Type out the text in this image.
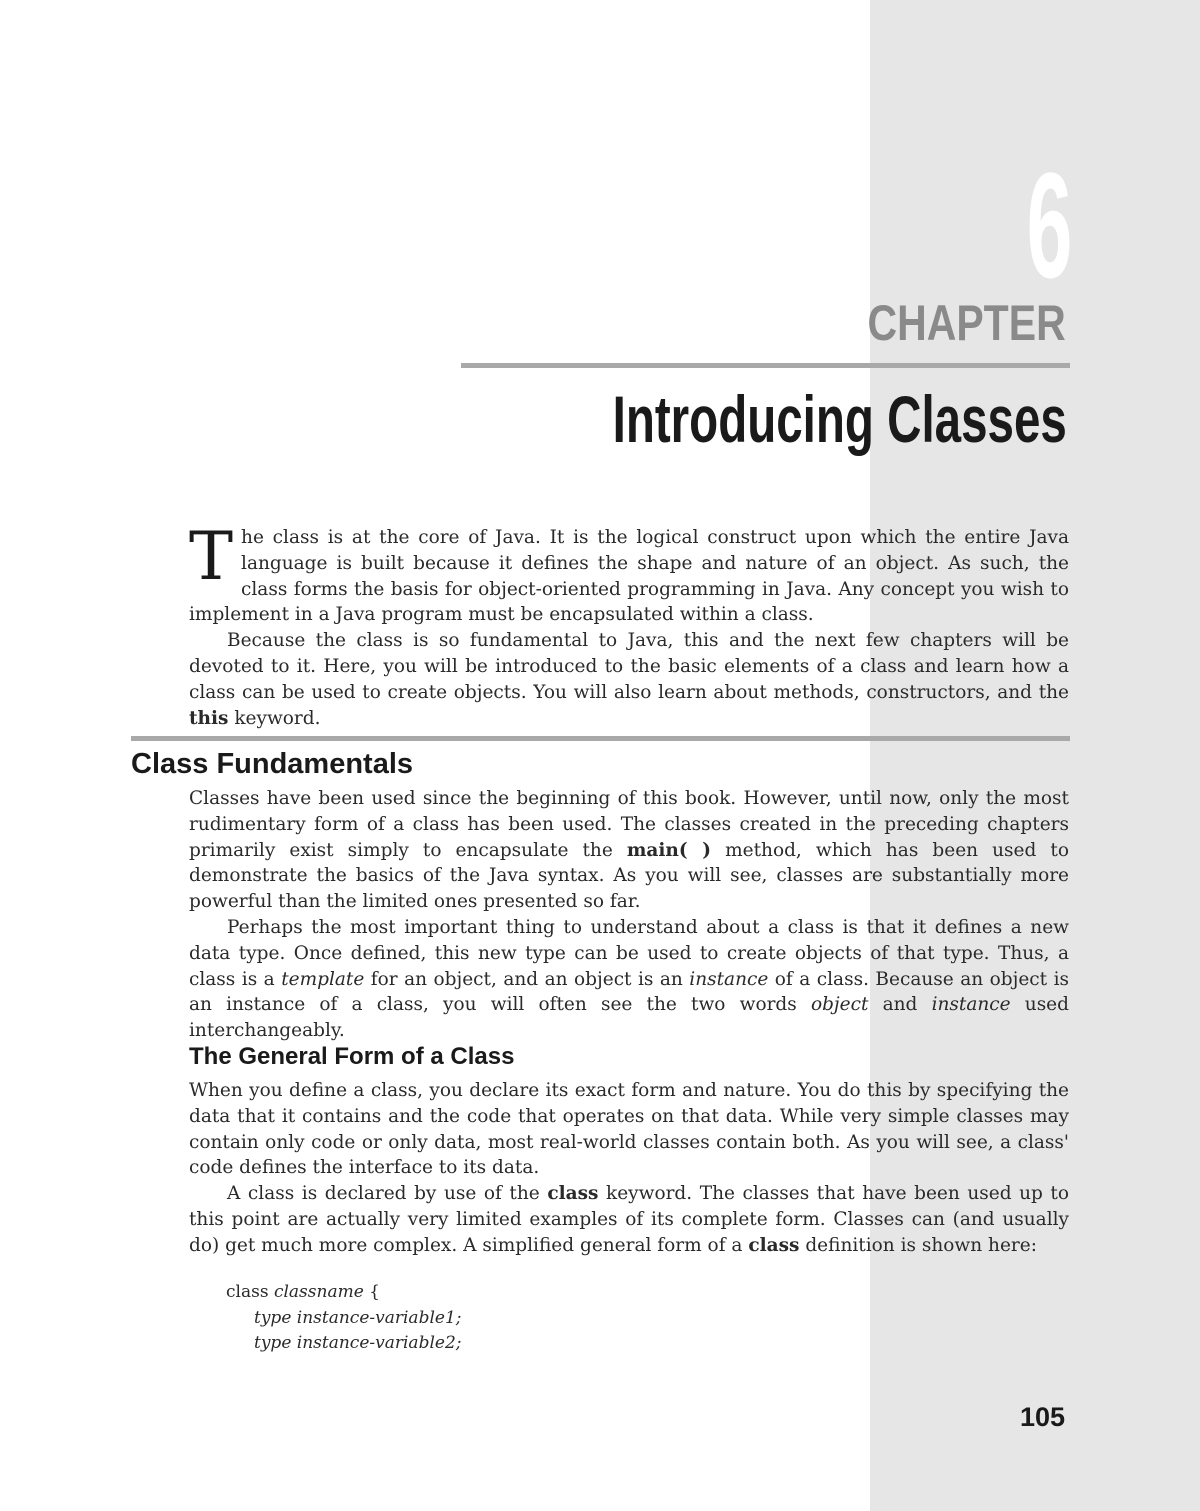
6
CHAPTER
Introducing Classes

The class is at the core of Java. It is the logical construct upon which the entire Java language is built because it defines the shape and nature of an object. As such, the class forms the basis for object-oriented programming in Java. Any concept you wish to implement in a Java program must be encapsulated within a class.

Because the class is so fundamental to Java, this and the next few chapters will be devoted to it. Here, you will be introduced to the basic elements of a class and learn how a class can be used to create objects. You will also learn about methods, constructors, and the this keyword.

Class Fundamentals

Classes have been used since the beginning of this book. However, until now, only the most rudimentary form of a class has been used. The classes created in the preceding chapters primarily exist simply to encapsulate the main( ) method, which has been used to demonstrate the basics of the Java syntax. As you will see, classes are substantially more powerful than the limited ones presented so far.

Perhaps the most important thing to understand about a class is that it defines a new data type. Once defined, this new type can be used to create objects of that type. Thus, a class is a template for an object, and an object is an instance of a class. Because an object is an instance of a class, you will often see the two words object and instance used interchangeably.

The General Form of a Class

When you define a class, you declare its exact form and nature. You do this by specifying the data that it contains and the code that operates on that data. While very simple classes may contain only code or only data, most real-world classes contain both. As you will see, a class' code defines the interface to its data.

A class is declared by use of the class keyword. The classes that have been used up to this point are actually very limited examples of its complete form. Classes can (and usually do) get much more complex. A simplified general form of a class definition is shown here:

class classname {
type instance-variable1;
type instance-variable2;
105
